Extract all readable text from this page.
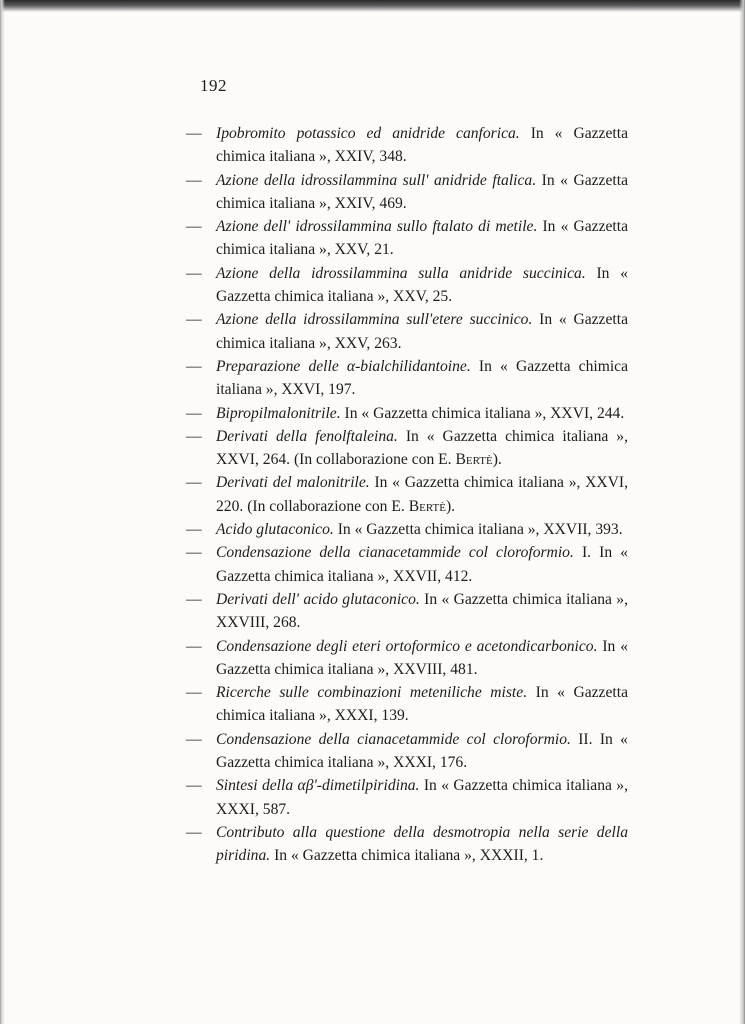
192
— Ipobromito potassico ed anidride canforica. In « Gazzetta chimica italiana », XXIV, 348.
— Azione della idrossilammina sull' anidride ftalica. In « Gazzetta chimica italiana », XXIV, 469.
— Azione dell' idrossilammina sullo ftalato di metile. In « Gazzetta chimica italiana », XXV, 21.
— Azione della idrossilammina sulla anidride succinica. In « Gazzetta chimica italiana », XXV, 25.
— Azione della idrossilammina sull'etere succinico. In « Gazzetta chimica italiana », XXV, 263.
— Preparazione delle α-bialchilidantoine. In « Gazzetta chimica italiana », XXVI, 197.
— Bipropilmalonitrile. In « Gazzetta chimica italiana », XXVI, 244.
— Derivati della fenolftaleina. In « Gazzetta chimica italiana », XXVI, 264. (In collaborazione con E. Bertè).
— Derivati del malonitrile. In « Gazzetta chimica italiana », XXVI, 220. (In collaborazione con E. Bertè).
— Acido glutaconico. In « Gazzetta chimica italiana », XXVII, 393.
— Condensazione della cianacetammide col cloroformio. I. In « Gazzetta chimica italiana », XXVII, 412.
— Derivati dell' acido glutaconico. In « Gazzetta chimica italiana », XXVIII, 268.
— Condensazione degli eteri ortoformico e acetondicarbonico. In « Gazzetta chimica italiana », XXVIII, 481.
— Ricerche sulle combinazioni meteniliche miste. In « Gazzetta chimica italiana », XXXI, 139.
— Condensazione della cianacetammide col cloroformio. II. In « Gazzetta chimica italiana », XXXI, 176.
— Sintesi della αβ'-dimetilpiridina. In « Gazzetta chimica italiana », XXXI, 587.
— Contributo alla questione della desmotropia nella serie della piridina. In « Gazzetta chimica italiana », XXXII, 1.
